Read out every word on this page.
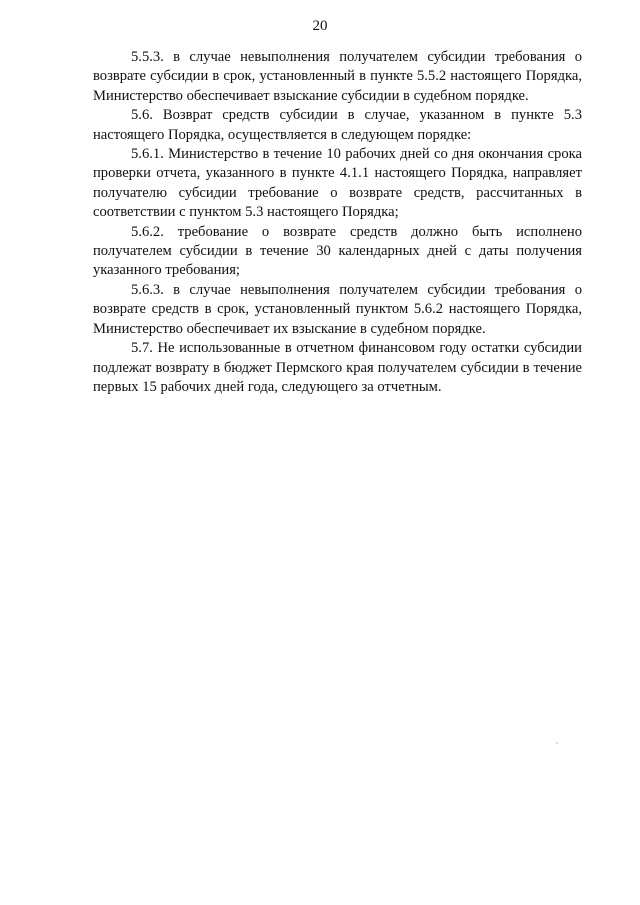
20

5.5.3. в случае невыполнения получателем субсидии требования о возврате субсидии в срок, установленный в пункте 5.5.2 настоящего Порядка, Министерство обеспечивает взыскание субсидии в судебном порядке.

5.6. Возврат средств субсидии в случае, указанном в пункте 5.3 настоящего Порядка, осуществляется в следующем порядке:

5.6.1. Министерство в течение 10 рабочих дней со дня окончания срока проверки отчета, указанного в пункте 4.1.1 настоящего Порядка, направляет получателю субсидии требование о возврате средств, рассчитанных в соответствии с пунктом 5.3 настоящего Порядка;

5.6.2. требование о возврате средств должно быть исполнено получателем субсидии в течение 30 календарных дней с даты получения указанного требования;

5.6.3. в случае невыполнения получателем субсидии требования о возврате средств в срок, установленный пунктом 5.6.2 настоящего Порядка, Министерство обеспечивает их взыскание в судебном порядке.

5.7. Не использованные в отчетном финансовом году остатки субсидии подлежат возврату в бюджет Пермского края получателем субсидии в течение первых 15 рабочих дней года, следующего за отчетным.
